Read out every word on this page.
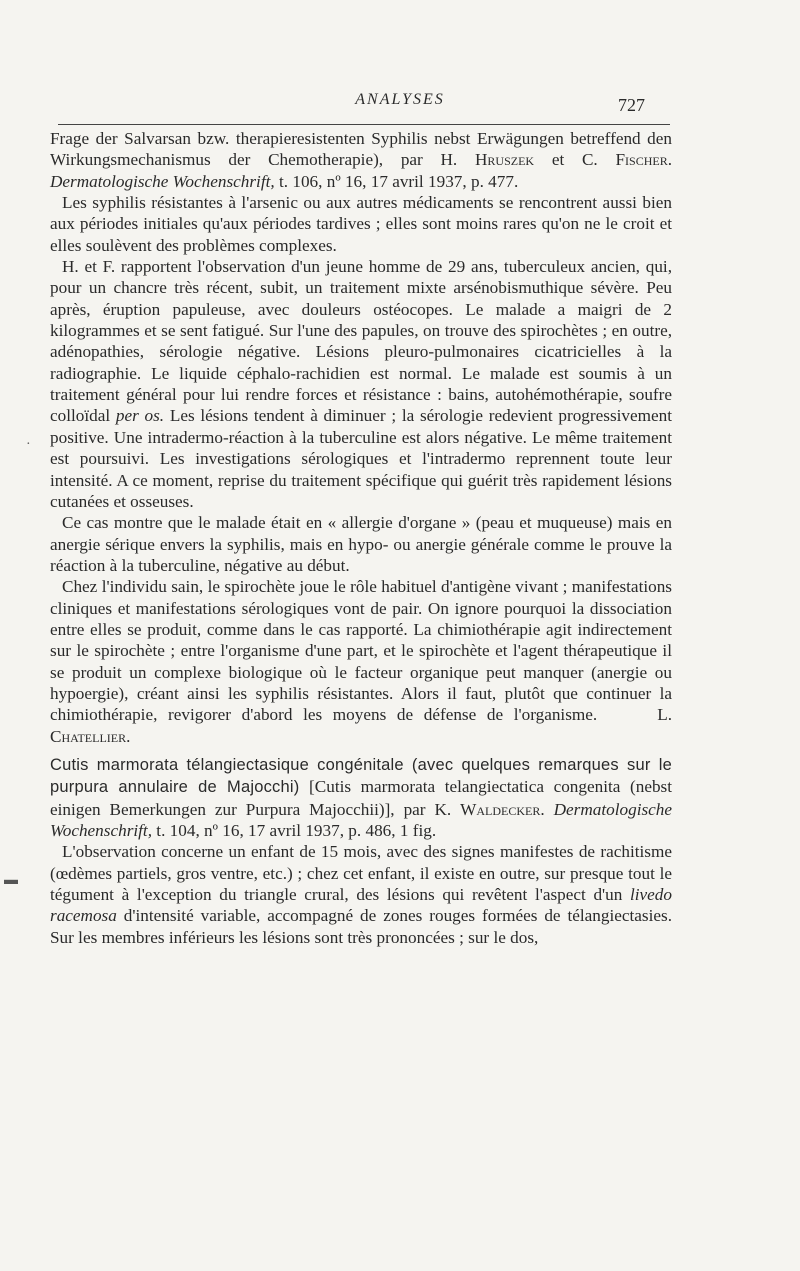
ANALYSES	727
·
▬

Frage der Salvarsan bzw. therapieresistenten Syphilis nebst Erwägungen betreffend den Wirkungsmechanismus der Chemotherapie), par H. Hruszek et C. Fischer. Dermatologische Wochenschrift, t. 106, nº 16, 17 avril 1937, p. 477.

Les syphilis résistantes à l'arsenic ou aux autres médicaments se rencontrent aussi bien aux périodes initiales qu'aux périodes tardives ; elles sont moins rares qu'on ne le croit et elles soulèvent des problèmes complexes.

H. et F. rapportent l'observation d'un jeune homme de 29 ans, tuberculeux ancien, qui, pour un chancre très récent, subit, un traitement mixte arsénobismuthique sévère. Peu après, éruption papuleuse, avec douleurs ostéocopes. Le malade a maigri de 2 kilogrammes et se sent fatigué. Sur l'une des papules, on trouve des spirochètes ; en outre, adénopathies, sérologie négative. Lésions pleuro-pulmonaires cicatricielles à la radiographie. Le liquide céphalo-rachidien est normal. Le malade est soumis à un traitement général pour lui rendre forces et résistance : bains, autohémothérapie, soufre colloïdal per os. Les lésions tendent à diminuer ; la sérologie redevient progressivement positive. Une intradermo-réaction à la tuberculine est alors négative. Le même traitement est poursuivi. Les investigations sérologiques et l'intradermo reprennent toute leur intensité. A ce moment, reprise du traitement spécifique qui guérit très rapidement lésions cutanées et osseuses.

Ce cas montre que le malade était en « allergie d'organe » (peau et muqueuse) mais en anergie sérique envers la syphilis, mais en hypo- ou anergie générale comme le prouve la réaction à la tuberculine, négative au début.

Chez l'individu sain, le spirochète joue le rôle habituel d'antigène vivant ; manifestations cliniques et manifestations sérologiques vont de pair. On ignore pourquoi la dissociation entre elles se produit, comme dans le cas rapporté. La chimiothérapie agit indirectement sur le spirochète ; entre l'organisme d'une part, et le spirochète et l'agent thérapeutique il se produit un complexe biologique où le facteur organique peut manquer (anergie ou hypoergie), créant ainsi les syphilis résistantes. Alors il faut, plutôt que continuer la chimiothérapie, revigorer d'abord les moyens de défense de l'organisme.	L. Chatellier.

Cutis marmorata télangiectasique congénitale (avec quelques remarques sur le purpura annulaire de Majocchi) [Cutis marmorata telangiectatica congenita (nebst einigen Bemerkungen zur Purpura Majocchii)], par K. Waldecker. Dermatologische Wochenschrift, t. 104, nº 16, 17 avril 1937, p. 486, 1 fig.

L'observation concerne un enfant de 15 mois, avec des signes manifestes de rachitisme (œdèmes partiels, gros ventre, etc.) ; chez cet enfant, il existe en outre, sur presque tout le tégument à l'exception du triangle crural, des lésions qui revêtent l'aspect d'un livedo racemosa d'intensité variable, accompagné de zones rouges formées de télangiectasies. Sur les membres inférieurs les lésions sont très prononcées ; sur le dos,
